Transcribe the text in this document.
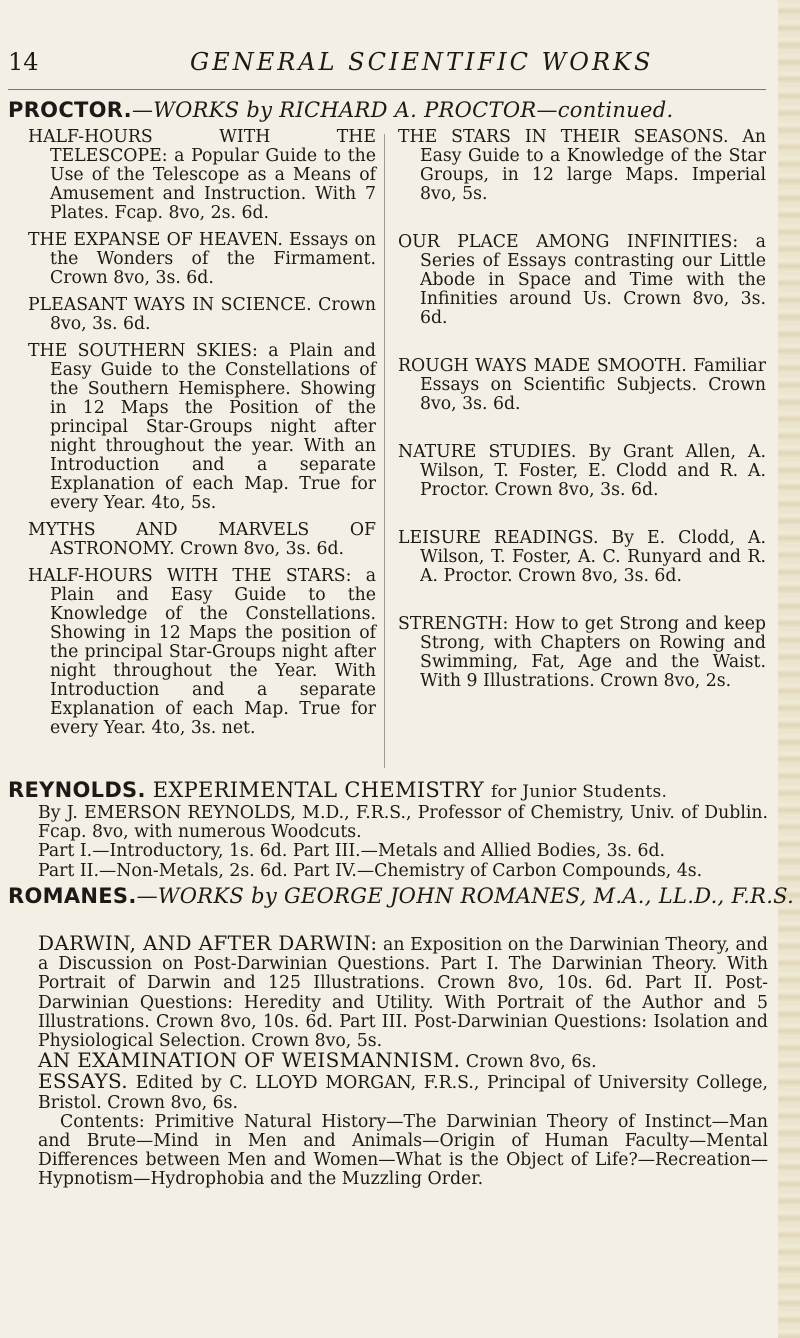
14	GENERAL SCIENTIFIC WORKS
PROCTOR.—WORKS by RICHARD A. PROCTOR—continued.

HALF-HOURS WITH THE TELESCOPE: a Popular Guide to the Use of the Telescope as a Means of Amusement and Instruction. With 7 Plates. Fcap. 8vo, 2s. 6d.

THE EXPANSE OF HEAVEN. Essays on the Wonders of the Firmament. Crown 8vo, 3s. 6d.

PLEASANT WAYS IN SCIENCE. Crown 8vo, 3s. 6d.

THE SOUTHERN SKIES: a Plain and Easy Guide to the Constellations of the Southern Hemisphere. Showing in 12 Maps the Position of the principal Star-Groups night after night throughout the year. With an Introduction and a separate Explanation of each Map. True for every Year. 4to, 5s.

MYTHS AND MARVELS OF ASTRONOMY. Crown 8vo, 3s. 6d.

HALF-HOURS WITH THE STARS: a Plain and Easy Guide to the Knowledge of the Constellations. Showing in 12 Maps the position of the principal Star-Groups night after night throughout the Year. With Introduction and a separate Explanation of each Map. True for every Year. 4to, 3s. net.

THE STARS IN THEIR SEASONS. An Easy Guide to a Knowledge of the Star Groups, in 12 large Maps. Imperial 8vo, 5s.

OUR PLACE AMONG INFINITIES: a Series of Essays contrasting our Little Abode in Space and Time with the Infinities around Us. Crown 8vo, 3s. 6d.

ROUGH WAYS MADE SMOOTH. Familiar Essays on Scientific Subjects. Crown 8vo, 3s. 6d.

NATURE STUDIES. By Grant Allen, A. Wilson, T. Foster, E. Clodd and R. A. Proctor. Crown 8vo, 3s. 6d.

LEISURE READINGS. By E. Clodd, A. Wilson, T. Foster, A. C. Runyard and R. A. Proctor. Crown 8vo, 3s. 6d.

STRENGTH: How to get Strong and keep Strong, with Chapters on Rowing and Swimming, Fat, Age and the Waist. With 9 Illustrations. Crown 8vo, 2s.

REYNOLDS. EXPERIMENTAL CHEMISTRY for Junior Students.

By J. EMERSON REYNOLDS, M.D., F.R.S., Professor of Chemistry, Univ. of Dublin. Fcap. 8vo, with numerous Woodcuts.

Part I.—Introductory, 1s. 6d. Part III.—Metals and Allied Bodies, 3s. 6d.

Part II.—Non-Metals, 2s. 6d. Part IV.—Chemistry of Carbon Compounds, 4s.

ROMANES.—WORKS by GEORGE JOHN ROMANES, M.A., LL.D., F.R.S.

DARWIN, AND AFTER DARWIN: an Exposition on the Darwinian Theory, and a Discussion on Post-Darwinian Questions. Part I. The Darwinian Theory. With Portrait of Darwin and 125 Illustrations. Crown 8vo, 10s. 6d. Part II. Post-Darwinian Questions: Heredity and Utility. With Portrait of the Author and 5 Illustrations. Crown 8vo, 10s. 6d. Part III. Post-Darwinian Questions: Isolation and Physiological Selection. Crown 8vo, 5s.

AN EXAMINATION OF WEISMANNISM. Crown 8vo, 6s.

ESSAYS. Edited by C. LLOYD MORGAN, F.R.S., Principal of University College, Bristol. Crown 8vo, 6s.

Contents: Primitive Natural History—The Darwinian Theory of Instinct—Man and Brute—Mind in Men and Animals—Origin of Human Faculty—Mental Differences between Men and Women—What is the Object of Life?—Recreation—Hypnotism—Hydrophobia and the Muzzling Order.
